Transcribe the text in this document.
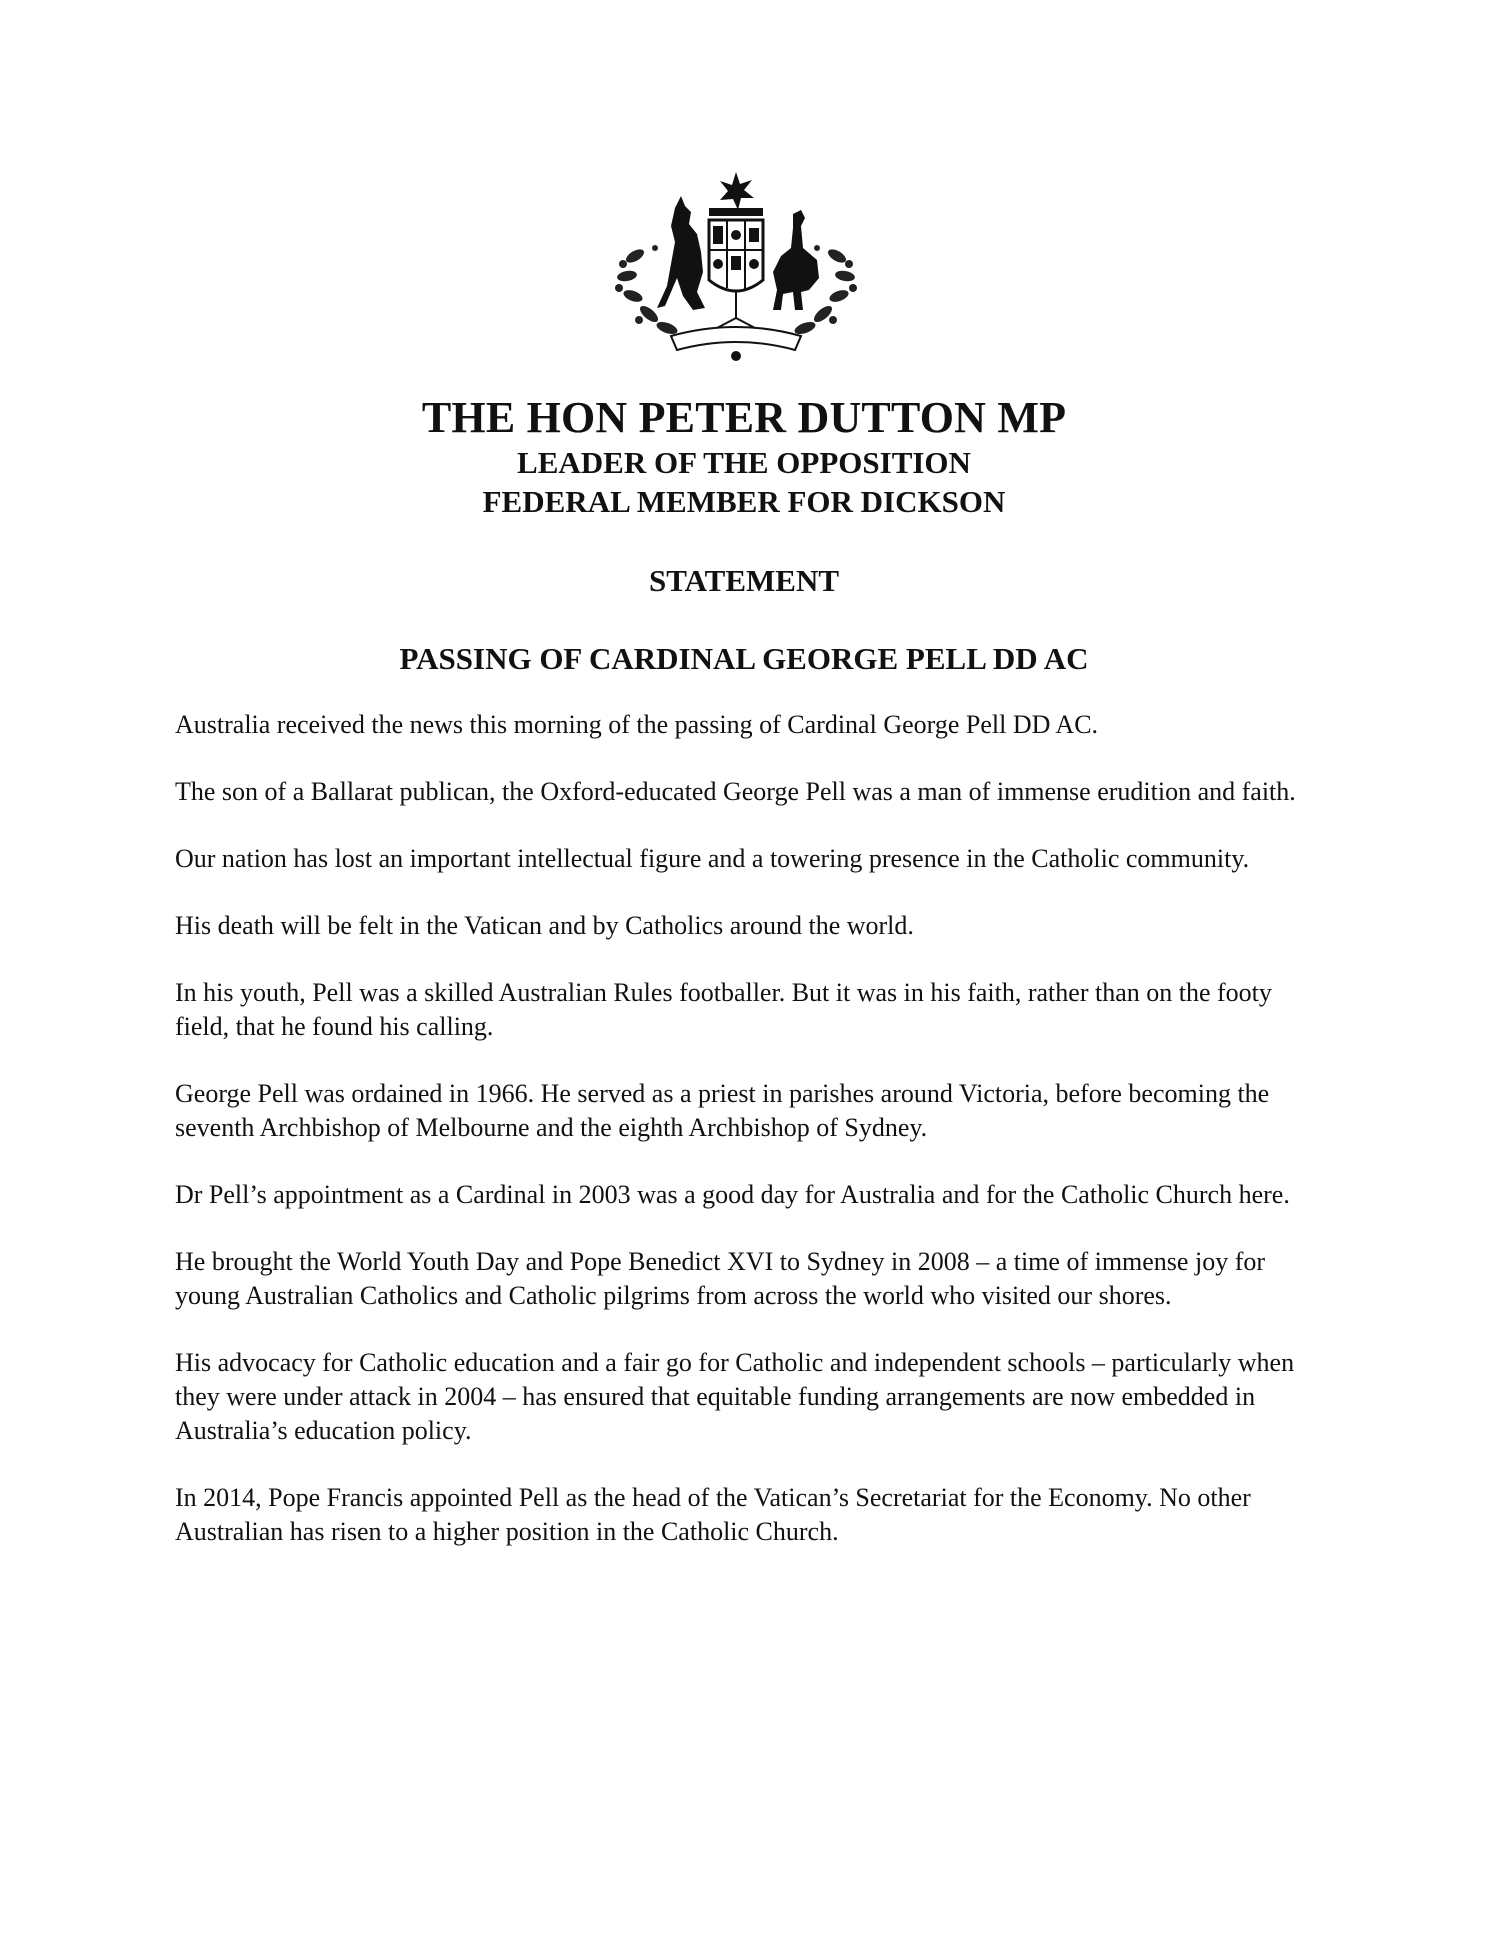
THE HON PETER DUTTON MP
LEADER OF THE OPPOSITION
FEDERAL MEMBER FOR DICKSON
STATEMENT
PASSING OF CARDINAL GEORGE PELL DD AC

Australia received the news this morning of the passing of Cardinal George Pell DD AC.

The son of a Ballarat publican, the Oxford-educated George Pell was a man of immense erudition and faith.

Our nation has lost an important intellectual figure and a towering presence in the Catholic community.

His death will be felt in the Vatican and by Catholics around the world.

In his youth, Pell was a skilled Australian Rules footballer. But it was in his faith, rather than on the footy field, that he found his calling.

George Pell was ordained in 1966. He served as a priest in parishes around Victoria, before becoming the seventh Archbishop of Melbourne and the eighth Archbishop of Sydney.

Dr Pell’s appointment as a Cardinal in 2003 was a good day for Australia and for the Catholic Church here.

He brought the World Youth Day and Pope Benedict XVI to Sydney in 2008 – a time of immense joy for young Australian Catholics and Catholic pilgrims from across the world who visited our shores.

His advocacy for Catholic education and a fair go for Catholic and independent schools – particularly when they were under attack in 2004 – has ensured that equitable funding arrangements are now embedded in Australia’s education policy.

In 2014, Pope Francis appointed Pell as the head of the Vatican’s Secretariat for the Economy. No other Australian has risen to a higher position in the Catholic Church.
